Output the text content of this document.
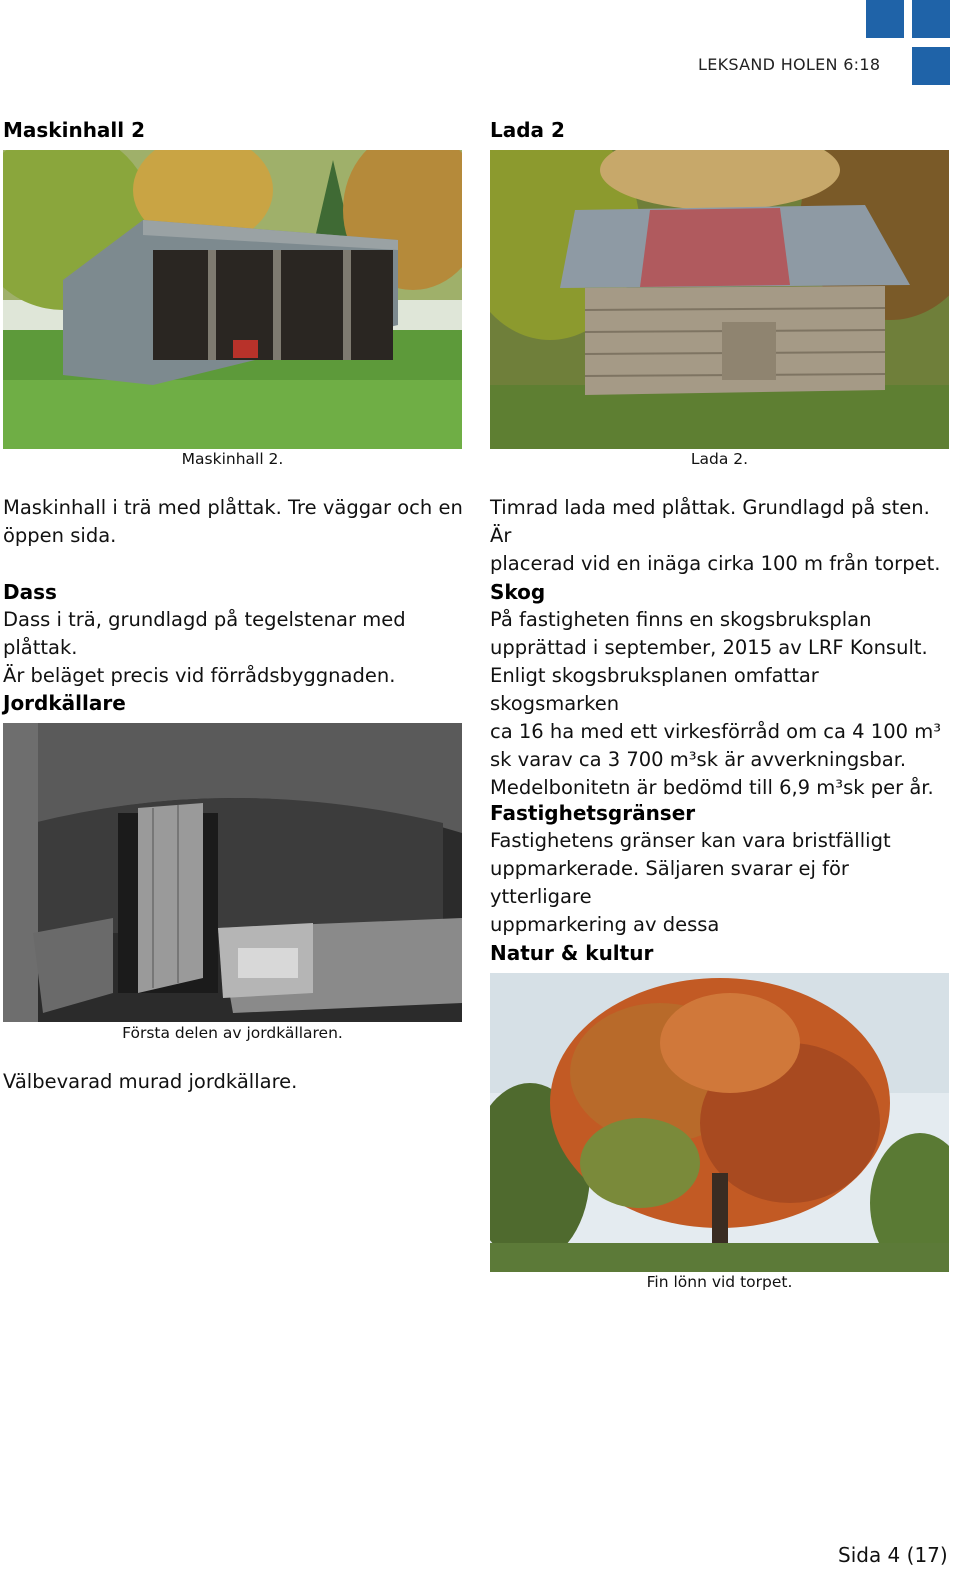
LEKSAND HOLEN 6:18
Maskinhall 2
Maskinhall 2.
Maskinhall i trä med plåttak. Tre väggar och en
öppen sida.
Dass
Dass i trä, grundlagd på tegelstenar med plåttak.
Är beläget precis vid förrådsbyggnaden.
Jordkällare
Första delen av jordkällaren.
Välbevarad murad jordkällare.
Lada 2
Lada 2.
Timrad lada med plåttak. Grundlagd på sten. Är
placerad vid en inäga cirka 100 m från torpet.
Skog
På fastigheten finns en skogsbruksplan
upprättad i september, 2015 av LRF Konsult.
Enligt skogsbruksplanen omfattar skogsmarken
ca 16 ha med ett virkesförråd om ca 4 100 m³
sk varav ca 3 700 m³sk är avverkningsbar.
Medelbonitetn är bedömd till 6,9 m³sk per år.
Fastighetsgränser
Fastighetens gränser kan vara bristfälligt
uppmarkerade. Säljaren svarar ej för ytterligare
uppmarkering av dessa
Natur & kultur
Fin lönn vid torpet.
Sida 4 (17)
